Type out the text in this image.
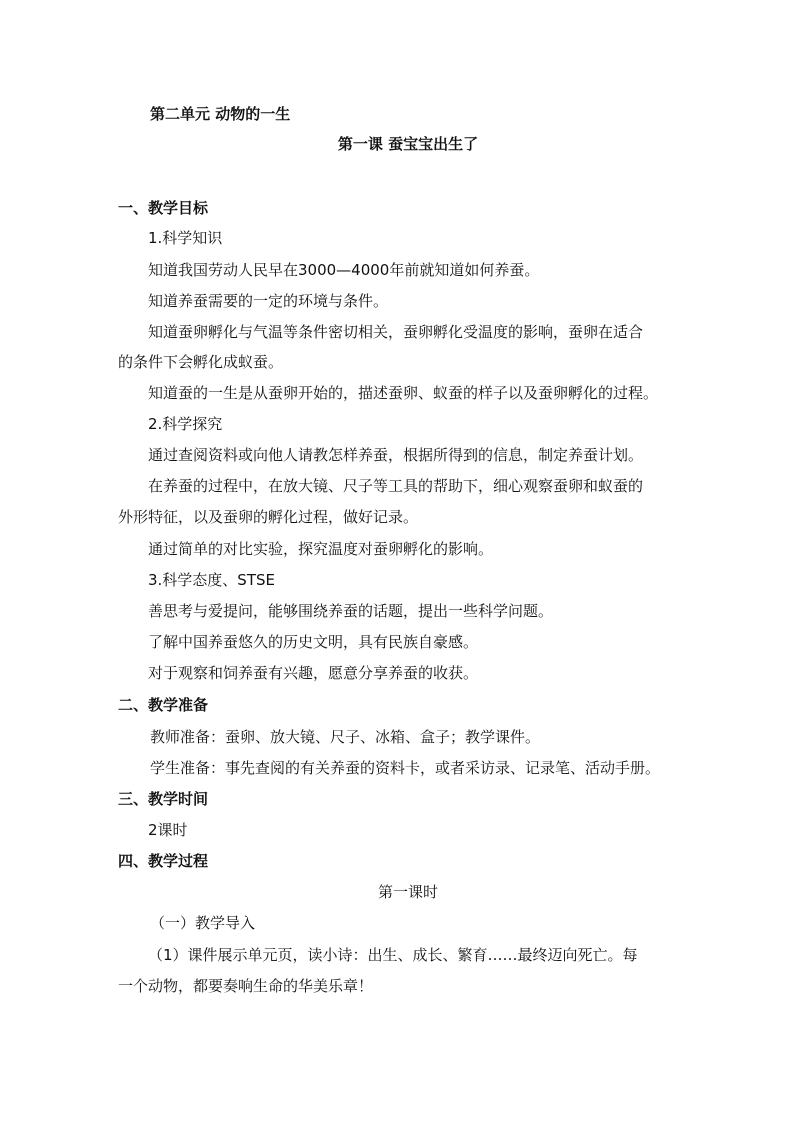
第二单元 动物的一生
第一课 蚕宝宝出生了
一、教学目标
1.科学知识
知道我国劳动人民早在3000—4000年前就知道如何养蚕。
知道养蚕需要的一定的环境与条件。
知道蚕卵孵化与气温等条件密切相关，蚕卵孵化受温度的影响，蚕卵在适合
的条件下会孵化成蚁蚕。
知道蚕的一生是从蚕卵开始的，描述蚕卵、蚁蚕的样子以及蚕卵孵化的过程。
2.科学探究
通过查阅资料或向他人请教怎样养蚕，根据所得到的信息，制定养蚕计划。
在养蚕的过程中，在放大镜、尺子等工具的帮助下，细心观察蚕卵和蚁蚕的
外形特征，以及蚕卵的孵化过程，做好记录。
通过简单的对比实验，探究温度对蚕卵孵化的影响。
3.科学态度、STSE
善思考与爱提问，能够围绕养蚕的话题，提出一些科学问题。
了解中国养蚕悠久的历史文明，具有民族自豪感。
对于观察和饲养蚕有兴趣，愿意分享养蚕的收获。
二、教学准备
教师准备：蚕卵、放大镜、尺子、冰箱、盒子；教学课件。
学生准备：事先查阅的有关养蚕的资料卡，或者采访录、记录笔、活动手册。
三、教学时间
2课时
四、教学过程
第一课时
（一）教学导入
（1）课件展示单元页，读小诗：出生、成长、繁育……最终迈向死亡。每
一个动物，都要奏响生命的华美乐章！
